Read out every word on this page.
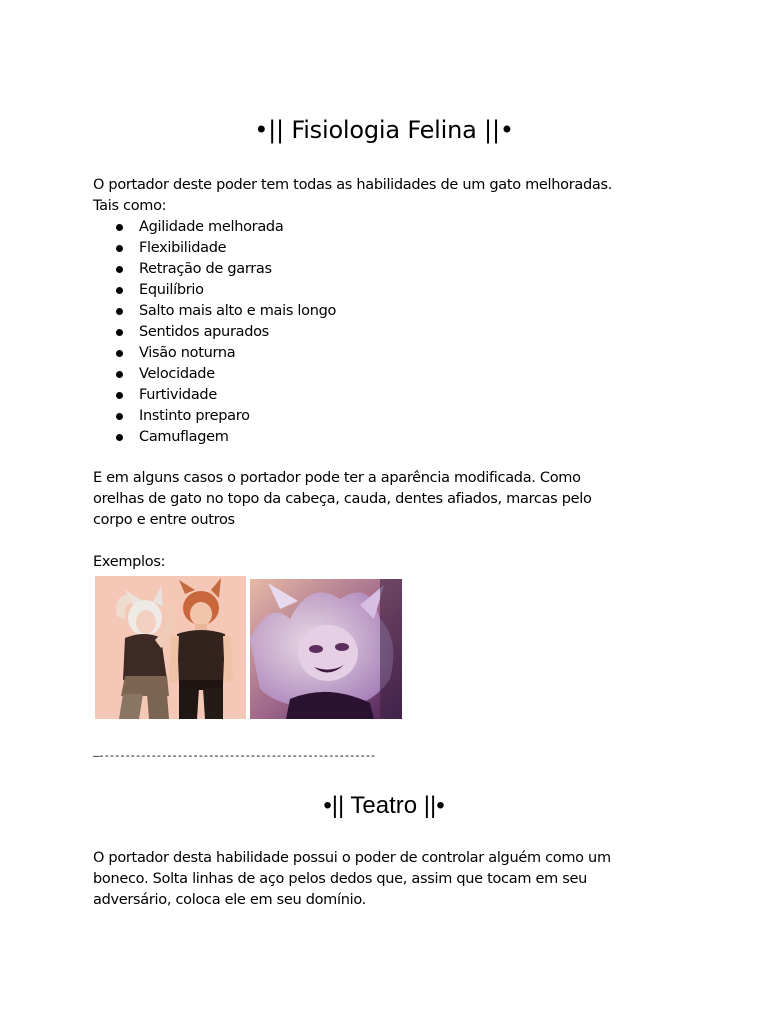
•|| Fisiologia Felina ||•
O portador deste poder tem todas as habilidades de um gato melhoradas.
Tais como:
Agilidade melhorada
Flexibilidade
Retração de garras
Equilíbrio
Salto mais alto e mais longo
Sentidos apurados
Visão noturna
Velocidade
Furtividade
Instinto preparo
Camuflagem
E em alguns casos o portador pode ter a aparência modificada. Como
orelhas de gato no topo da cabeça, cauda, dentes afiados, marcas pelo
corpo e entre outros
Exemplos:
—-----------------------------------------------------
•|| Teatro ||•
O portador desta habilidade possui o poder de controlar alguém como um
boneco. Solta linhas de aço pelos dedos que, assim que tocam em seu
adversário, coloca ele em seu domínio.
